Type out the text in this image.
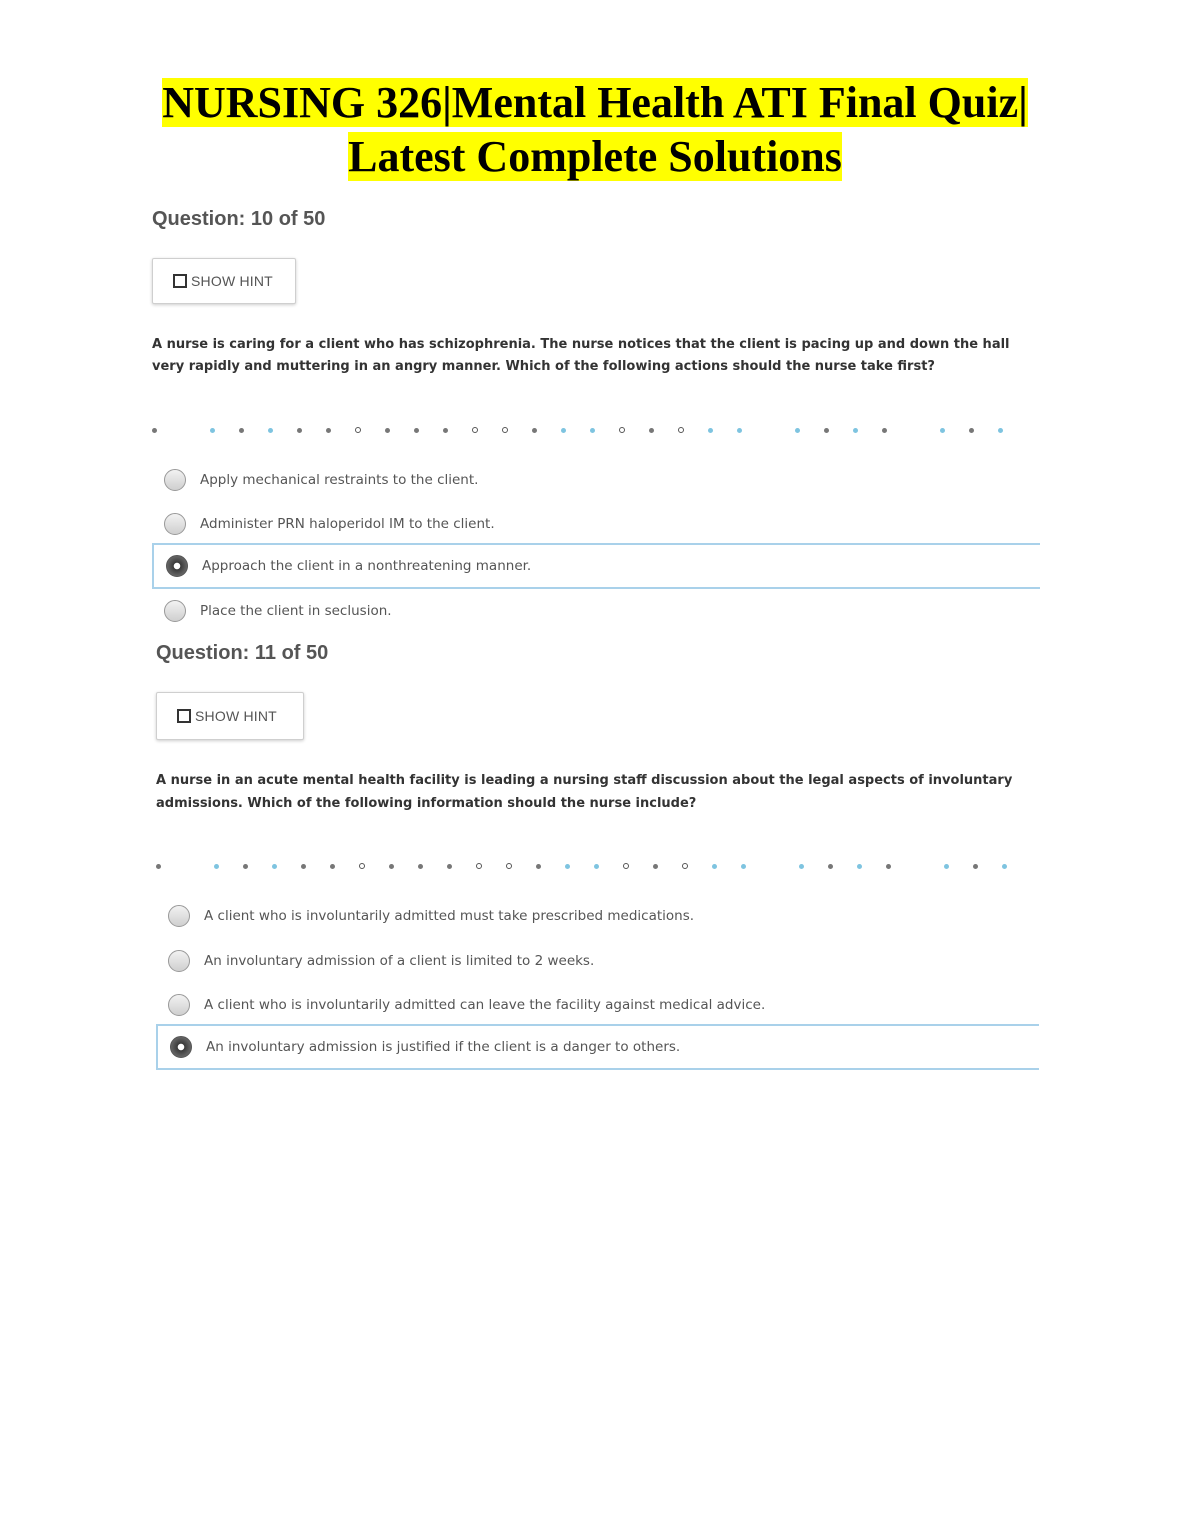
NURSING 326|Mental Health ATI Final Quiz|
Latest Complete Solutions
Question: 10 of 50
SHOW HINT

A nurse is caring for a client who has schizophrenia. The nurse notices that the client is pacing up and down the hall very rapidly and muttering in an angry manner. Which of the following actions should the nurse take first?

Apply mechanical restraints to the client.
Administer PRN haloperidol IM to the client.
Approach the client in a nonthreatening manner.
Place the client in seclusion.
Question: 11 of 50
SHOW HINT

A nurse in an acute mental health facility is leading a nursing staff discussion about the legal aspects of involuntary admissions. Which of the following information should the nurse include?

A client who is involuntarily admitted must take prescribed medications.
An involuntary admission of a client is limited to 2 weeks.
A client who is involuntarily admitted can leave the facility against medical advice.
An involuntary admission is justified if the client is a danger to others.
